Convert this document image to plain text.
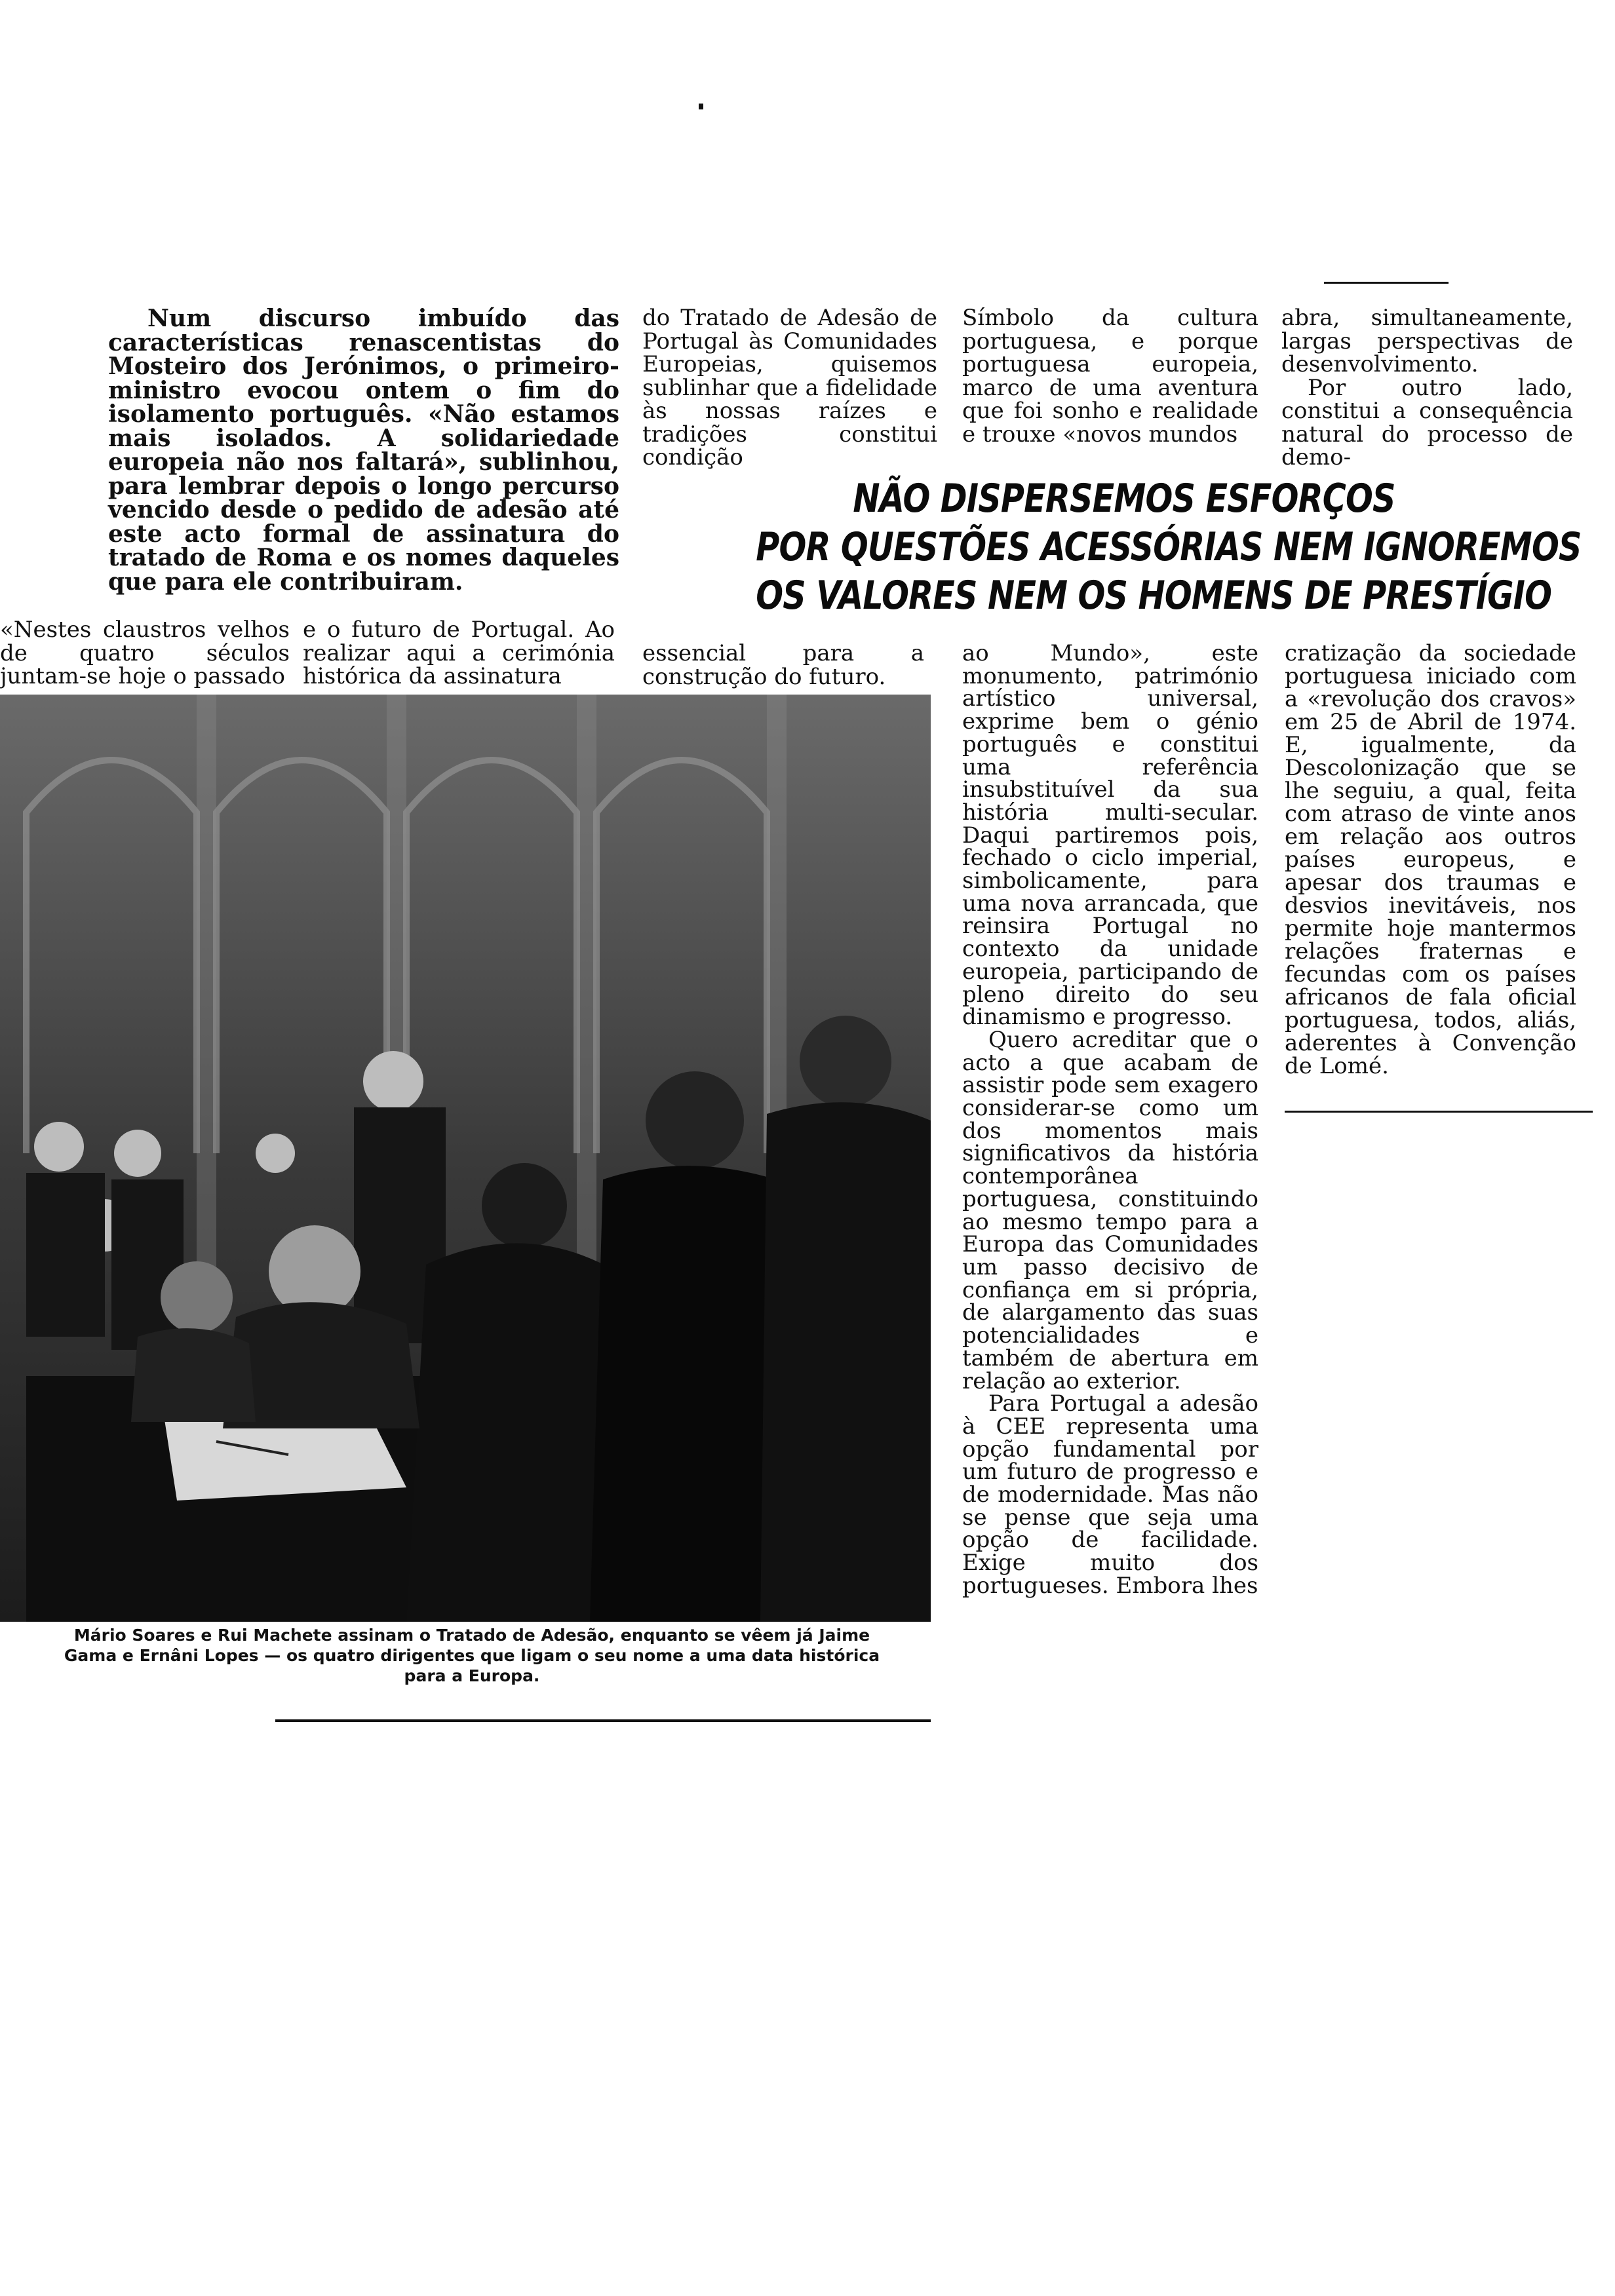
Num discurso imbuído das características renascentistas do Mosteiro dos Jerónimos, o primeiro-ministro evocou ontem o fim do isolamento português. «Não estamos mais isolados. A solidariedade europeia não nos faltará», sublinhou, para lembrar depois o longo percurso vencido desde o pedido de adesão até este acto formal de assinatura do tratado de Roma e os nomes daqueles que para ele contribuiram.

«Nestes claustros velhos de quatro séculos juntam-se hoje o passado

e o futuro de Portugal. Ao realizar aqui a cerimónia histórica da assinatura

do Tratado de Adesão de Portugal às Comunidades Europeias, quisemos sublinhar que a fidelidade às nossas raízes e tradições constitui condição

essencial para a construção do futuro.

Símbolo da cultura portuguesa, e porque portuguesa europeia, marco de uma aventura que foi sonho e realidade e trouxe «novos mundos

ao Mundo», este monumento, património artístico universal, exprime bem o génio português e constitui uma referência insubstituível da sua história multi-secular. Daqui partiremos pois, fechado o ciclo imperial, simbolicamente, para uma nova arrancada, que reinsira Portugal no contexto da unidade europeia, participando de pleno direito do seu dinamismo e progresso.

Quero acreditar que o acto a que acabam de assistir pode sem exagero considerar-se como um dos momentos mais significativos da história contemporânea portuguesa, constituindo ao mesmo tempo para a Europa das Comunidades um passo decisivo de confiança em si própria, de alargamento das suas potencialidades e também de abertura em relação ao exterior.

Para Portugal a adesão à CEE representa uma opção fundamental por um futuro de progresso e de modernidade. Mas não se pense que seja uma opção de facilidade. Exige muito dos portugueses. Embora lhes

abra, simultaneamente, largas perspectivas de desenvolvimento.

Por outro lado, constitui a consequência natural do processo de demo-

cratização da sociedade portuguesa iniciado com a «revolução dos cravos» em 25 de Abril de 1974. E, igualmente, da Descolonização que se lhe seguiu, a qual, feita com atraso de vinte anos em relação aos outros países europeus, e apesar dos traumas e desvios inevitáveis, nos permite hoje mantermos relações fraternas e fecundas com os países africanos de fala oficial portuguesa, todos, aliás, aderentes à Convenção de Lomé.

NÃO DISPERSEMOS ESFORÇOS
POR QUESTÕES ACESSÓRIAS NEM IGNOREMOS
OS VALORES NEM OS HOMENS DE PRESTÍGIO
Mário Soares e Rui Machete assinam o Tratado de Adesão, enquanto se vêem já Jaime
Gama e Ernâni Lopes — os quatro dirigentes que ligam o seu nome a uma data histórica
para a Europa.
